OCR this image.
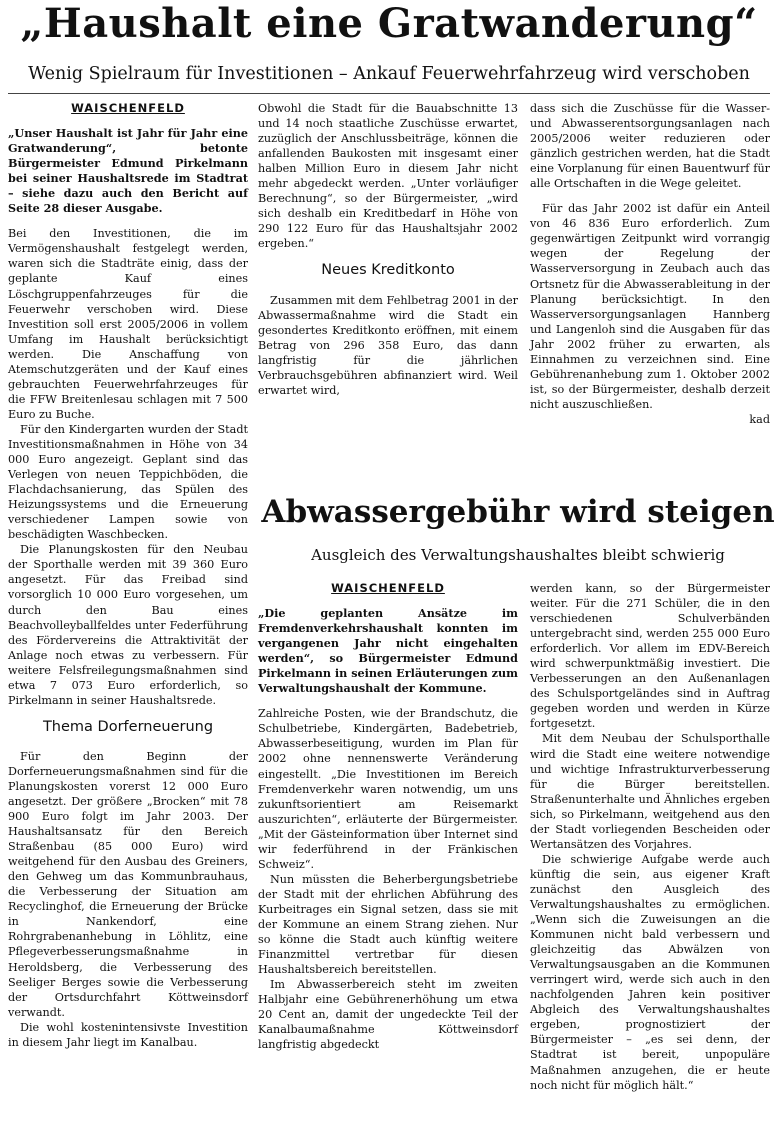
„Haushalt eine Gratwanderung“
Wenig Spielraum für Investitionen – Ankauf Feuerwehrfahrzeug wird verschoben
WAISCHENFELD

„Unser Haushalt ist Jahr für Jahr eine Gratwanderung“, betonte Bürgermeister Edmund Pirkelmann bei seiner Haushaltsrede im Stadtrat – siehe dazu auch den Bericht auf Seite 28 dieser Ausgabe.

Bei den Investitionen, die im Vermögenshaushalt festgelegt werden, waren sich die Stadträte einig, dass der geplante Kauf eines Löschgruppenfahrzeuges für die Feuerwehr verschoben wird. Diese Investition soll erst 2005/2006 in vollem Umfang im Haushalt berücksichtigt werden. Die Anschaffung von Atemschutzgeräten und der Kauf eines gebrauchten Feuerwehrfahrzeuges für die FFW Breitenlesau schlagen mit 7 500 Euro zu Buche.

Für den Kindergarten wurden der Stadt Investitionsmaßnahmen in Höhe von 34 000 Euro angezeigt. Geplant sind das Verlegen von neuen Teppichböden, die Flachdachsanierung, das Spülen des Heizungssystems und die Erneuerung verschiedener Lampen sowie von beschädigten Waschbecken.

Die Planungskosten für den Neubau der Sporthalle werden mit 39 360 Euro angesetzt. Für das Freibad sind vorsorglich 10 000 Euro vorgesehen, um durch den Bau eines Beachvolleyballfeldes unter Federführung des Fördervereins die Attraktivität der Anlage noch etwas zu verbessern. Für weitere Felsfreilegungsmaßnahmen sind etwa 7 073 Euro erforderlich, so Pirkelmann in seiner Haushaltsrede.

Thema Dorferneuerung

Für den Beginn der Dorferneuerungsmaßnahmen sind für die Planungskosten vorerst 12 000 Euro angesetzt. Der größere „Brocken“ mit 78 900 Euro folgt im Jahr 2003. Der Haushaltsansatz für den Bereich Straßenbau (85 000 Euro) wird weitgehend für den Ausbau des Greiners, den Gehweg um das Kommunbrauhaus, die Verbesserung der Situation am Recyclinghof, die Erneuerung der Brücke in Nankendorf, eine Rohrgrabenanhebung in Löhlitz, eine Pflegeverbesserungsmaßnahme in Heroldsberg, die Verbesserung des Seeliger Berges sowie die Verbesserung der Ortsdurchfahrt Köttweinsdorf verwandt.

Die wohl kostenintensivste Investition in diesem Jahr liegt im Kanalbau.

Obwohl die Stadt für die Bauabschnitte 13 und 14 noch staatliche Zuschüsse erwartet, zuzüglich der Anschlussbeiträge, können die anfallenden Baukosten mit insgesamt einer halben Million Euro in diesem Jahr nicht mehr abgedeckt werden. „Unter vorläufiger Berechnung“, so der Bürgermeister, „wird sich deshalb ein Kreditbedarf in Höhe von 290 122 Euro für das Haushaltsjahr 2002 ergeben.“

Neues Kreditkonto

Zusammen mit dem Fehlbetrag 2001 in der Abwassermaßnahme wird die Stadt ein gesondertes Kreditkonto eröffnen, mit einem Betrag von 296 358 Euro, das dann langfristig für die jährlichen Verbrauchsgebühren abfinanziert wird. Weil erwartet wird,

dass sich die Zuschüsse für die Wasser- und Abwasserentsorgungsanlagen nach 2005/2006 weiter reduzieren oder gänzlich gestrichen werden, hat die Stadt eine Vorplanung für einen Bauentwurf für alle Ortschaften in die Wege geleitet.

Für das Jahr 2002 ist dafür ein Anteil von 46 836 Euro erforderlich. Zum gegenwärtigen Zeitpunkt wird vorrangig wegen der Regelung der Wasserversorgung in Zeubach auch das Ortsnetz für die Abwasserableitung in der Planung berücksichtigt. In den Wasserversorgungsanlagen Hannberg und Langenloh sind die Ausgaben für das Jahr 2002 früher zu erwarten, als Einnahmen zu verzeichnen sind. Eine Gebührenanhebung zum 1. Oktober 2002 ist, so der Bürgermeister, deshalb derzeit nicht auszuschließen.

kad
Abwassergebühr wird steigen
Ausgleich des Verwaltungshaushaltes bleibt schwierig
WAISCHENFELD

„Die geplanten Ansätze im Fremdenverkehrshaushalt konnten im vergangenen Jahr nicht eingehalten werden“, so Bürgermeister Edmund Pirkelmann in seinen Erläuterungen zum Verwaltungshaushalt der Kommune.

Zahlreiche Posten, wie der Brandschutz, die Schulbetriebe, Kindergärten, Badebetrieb, Abwasserbeseitigung, wurden im Plan für 2002 ohne nennenswerte Veränderung eingestellt. „Die Investitionen im Bereich Fremdenverkehr waren notwendig, um uns zukunftsorientiert am Reisemarkt auszurichten“, erläuterte der Bürgermeister. „Mit der Gästeinformation über Internet sind wir federführend in der Fränkischen Schweiz“.

Nun müssten die Beherbergungsbetriebe der Stadt mit der ehrlichen Abführung des Kurbeitrages ein Signal setzen, dass sie mit der Kommune an einem Strang ziehen. Nur so könne die Stadt auch künftig weitere Finanzmittel vertretbar für diesen Haushaltsbereich bereitstellen.

Im Abwasserbereich steht im zweiten Halbjahr eine Gebührenerhöhung um etwa 20 Cent an, damit der ungedeckte Teil der Kanalbaumaßnahme Köttweinsdorf langfristig abgedeckt

werden kann, so der Bürgermeister weiter. Für die 271 Schüler, die in den verschiedenen Schulverbänden untergebracht sind, werden 255 000 Euro erforderlich. Vor allem im EDV-Bereich wird schwerpunktmäßig investiert. Die Verbesserungen an den Außenanlagen des Schulsportgeländes sind in Auftrag gegeben worden und werden in Kürze fortgesetzt.

Mit dem Neubau der Schulsporthalle wird die Stadt eine weitere notwendige und wichtige Infrastrukturverbesserung für die Bürger bereitstellen. Straßenunterhalte und Ähnliches ergeben sich, so Pirkelmann, weitgehend aus den der Stadt vorliegenden Bescheiden oder Wertansätzen des Vorjahres.

Die schwierige Aufgabe werde auch künftig die sein, aus eigener Kraft zunächst den Ausgleich des Verwaltungshaushaltes zu ermöglichen. „Wenn sich die Zuweisungen an die Kommunen nicht bald verbessern und gleichzeitig das Abwälzen von Verwaltungsausgaben an die Kommunen verringert wird, werde sich auch in den nachfolgenden Jahren kein positiver Abgleich des Verwaltungshaushaltes ergeben, prognostiziert der Bürgermeister – „es sei denn, der Stadtrat ist bereit, unpopuläre Maßnahmen anzugehen, die er heute noch nicht für möglich hält.“
